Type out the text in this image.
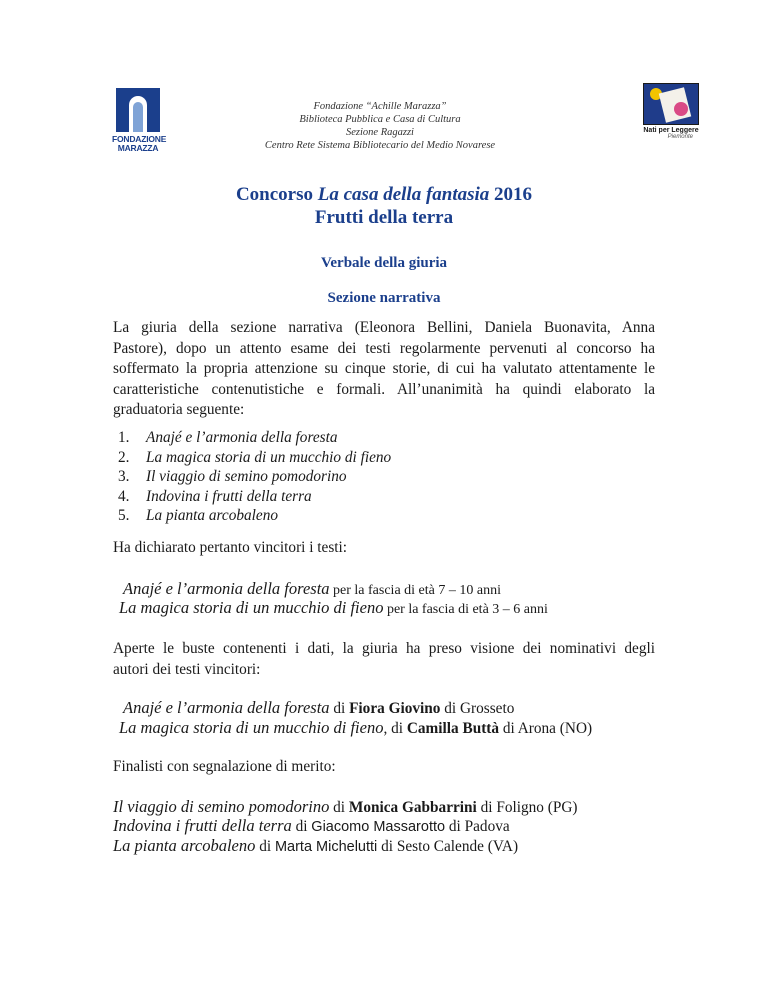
FONDAZIONE
MARAZZA
Fondazione “Achille Marazza”
Biblioteca Pubblica e Casa di Cultura
Sezione Ragazzi
Centro Rete Sistema Bibliotecario del Medio Novarese
Nati per Leggere
Piemonte
Concorso La casa della fantasia 2016
Frutti della terra
Verbale della giuria
Sezione narrativa
La giuria della sezione narrativa (Eleonora Bellini, Daniela Buonavita, Anna
Pastore), dopo un attento esame dei testi regolarmente pervenuti al concorso ha
soffermato la propria attenzione su cinque storie, di cui ha valutato attentamente le
caratteristiche contenutistiche e formali. All’unanimità ha quindi elaborato la
graduatoria seguente:
1. Anajé e l’armonia della foresta
2. La magica storia di un mucchio di fieno
3. Il viaggio di semino pomodorino
4. Indovina i frutti della terra
5. La pianta arcobaleno
Ha dichiarato pertanto vincitori i testi:
Anajé e l’armonia della foresta per la fascia di età 7 – 10 anni
La magica storia di un mucchio di fieno per la fascia di età 3 – 6 anni
Aperte le buste contenenti i dati, la giuria ha preso visione dei nominativi degli
autori dei testi vincitori:
Anajé e l’armonia della foresta di Fiora Giovino di Grosseto
La magica storia di un mucchio di fieno, di Camilla Buttà di Arona (NO)
Finalisti con segnalazione di merito:
Il viaggio di semino pomodorino di Monica Gabbarrini di Foligno (PG)
Indovina i frutti della terra di Giacomo Massarotto di Padova
La pianta arcobaleno di Marta Michelutti di Sesto Calende (VA)
